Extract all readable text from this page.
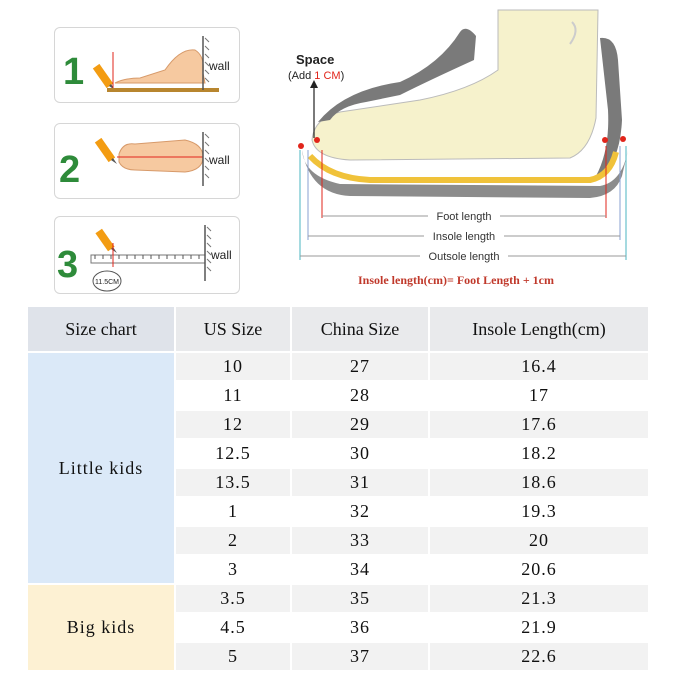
1	wall
2	wall
3 11.5CM
wall
Space
(Add 1 CM)
Foot length
Insole length
Outsole length
Insole length(cm)= Foot Length + 1cm
Size chart	US Size	China Size	Insole Length(cm)
Little kids	10	27	16.4
	11	28	17
	12	29	17.6
	12.5	30	18.2
	13.5	31	18.6
	1	32	19.3
	2	33	20
	3	34	20.6
Big kids	3.5	35	21.3
	4.5	36	21.9
	5	37	22.6
